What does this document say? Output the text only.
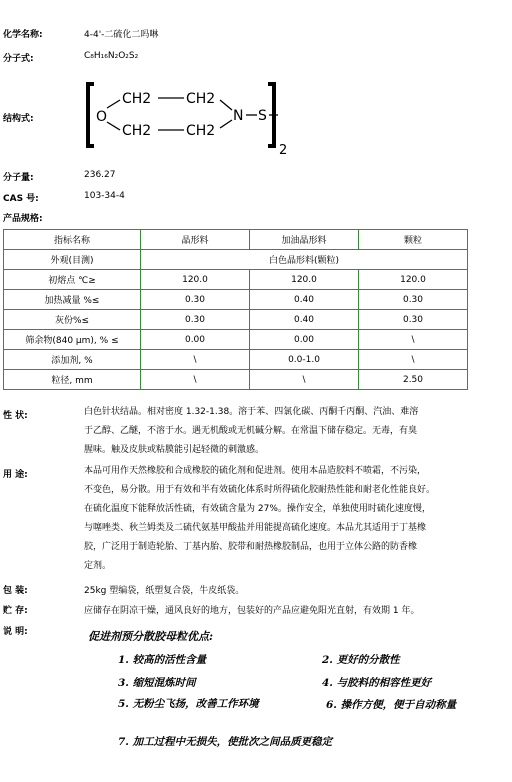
化学名称:	4-4'-二硫化二吗啉
分子式:	C₈H₁₆N₂O₂S₂
结构式:	O
CH2 CH2
CH2 CH2
N S
2
分子量:	236.27
CAS 号:	103-34-4
产品规格:
指标名称	晶形料	加油晶形料	颗粒
外观(目测)	白色晶形料(颗粒)		
初熔点 ℃≥	120.0	120.0	120.0
加热减量 %≤	0.30	0.40	0.30
灰份%≤	0.30	0.40	0.30
筛余物(840 μm), % ≤	0.00	0.00	\
添加剂, %	\	0.0-1.0	\
粒径, mm	\	\	2.50
性 状:	白色针状结晶。相对密度 1.32-1.38。溶于苯、四氯化碳、丙酮千丙酮、汽油、难溶
于乙醇、乙醚，不溶于水。遇无机酸或无机碱分解。在常温下储存稳定。无毒，有臭
腥味。触及皮肤或粘膜能引起轻微的刺激感。
用 途:	本品可用作天然橡胶和合成橡胶的硫化剂和促进剂。使用本品造胶料不喷霜，不污染，
不变色，易分散。用于有效和半有效硫化体系时所得硫化胶耐热性能和耐老化性能良好。
在硫化温度下能释放活性硫，有效硫含量为 27%。操作安全，单独使用时硫化速度慢，
与噻唑类、秋兰姆类及二硫代氨基甲酸盐并用能提高硫化速度。本品尤其适用于丁基橡
胶，广泛用于制造轮胎、丁基内胎、胶带和耐热橡胶制品，也用于立体公路的防香橡
定剂。
包 装:	25kg 塑编袋，纸塑复合袋，牛皮纸袋。
贮 存:	应储存在阴凉干燥，通风良好的地方，包装好的产品应避免阳光直射，有效期 1 年。
说 明:	促进剂预分散胶母粒优点:
1. 较高的活性含量	2. 更好的分散性
3. 缩短混炼时间	4. 与胶料的相容性更好
5. 无粉尘飞扬，改善工作环境	6. 操作方便，便于自动称量
7. 加工过程中无损失，使批次之间品质更稳定
